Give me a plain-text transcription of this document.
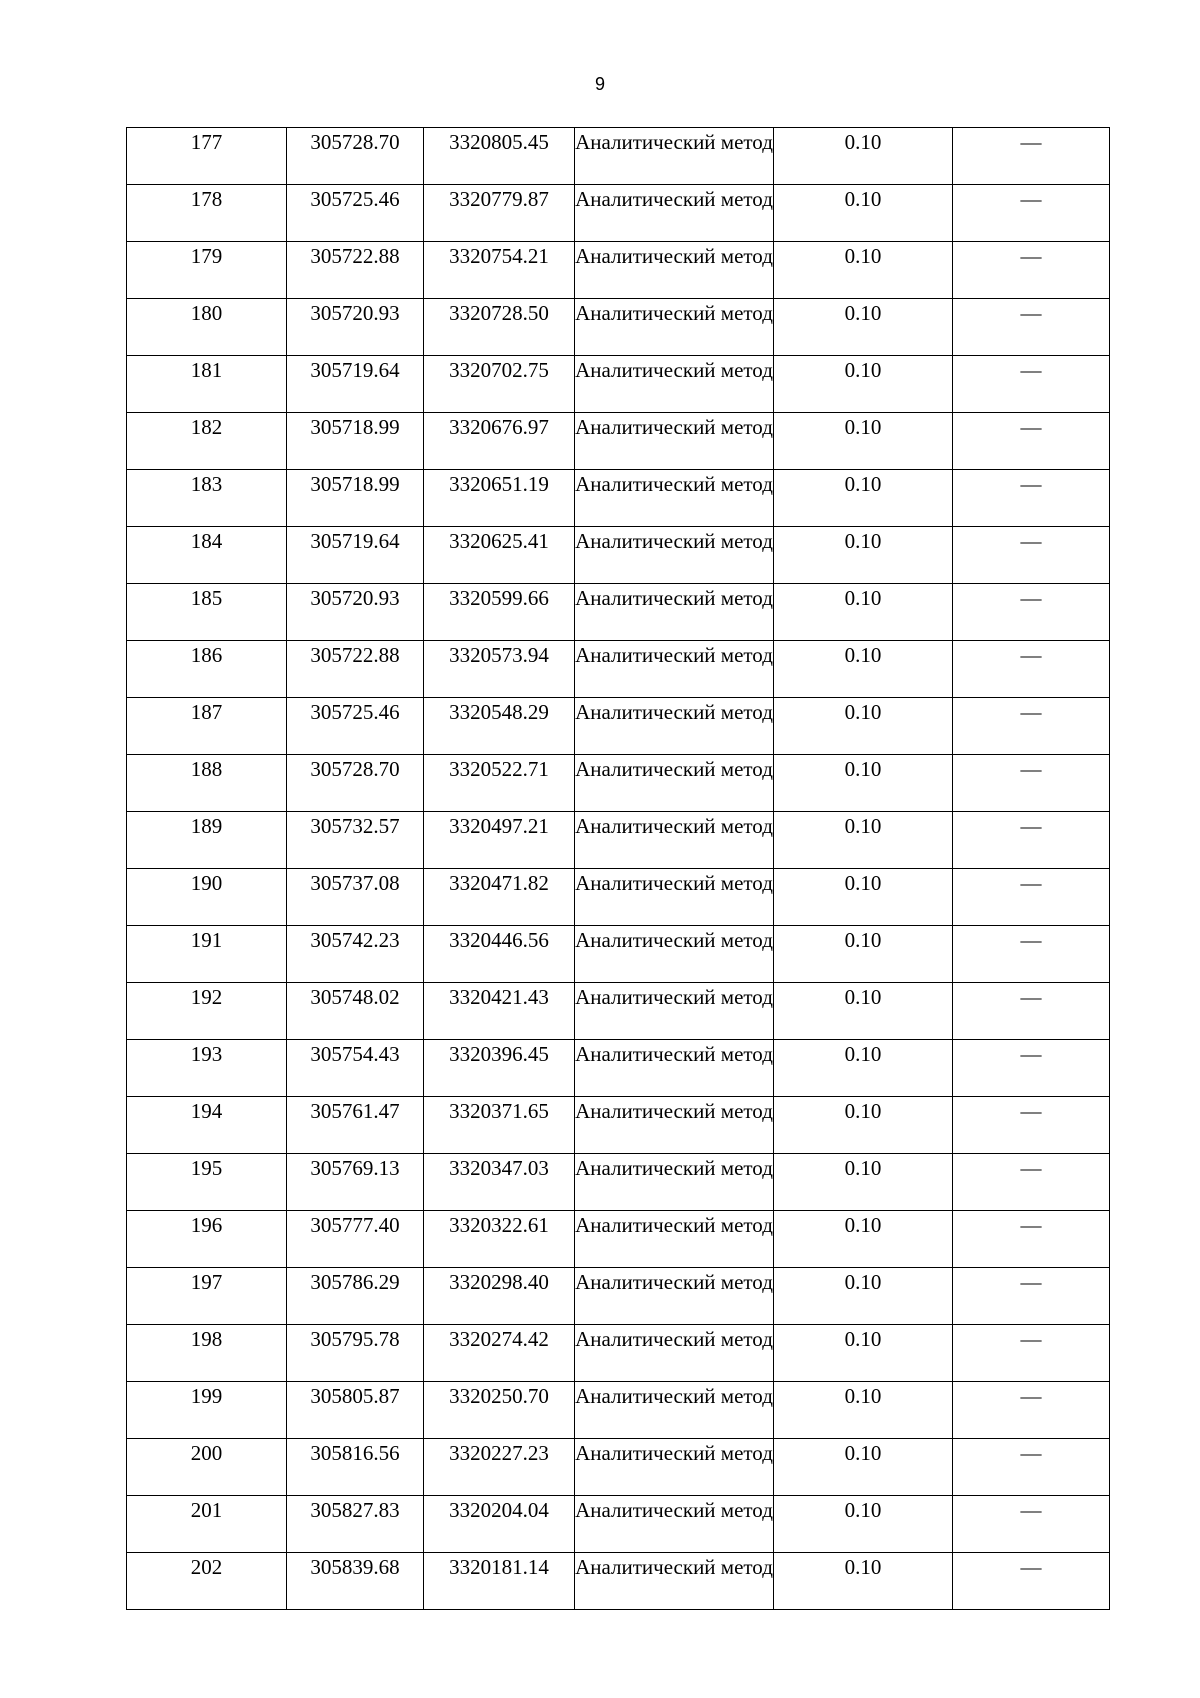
9
177	305728.70	3320805.45	Аналитический метод	0.10	—
178	305725.46	3320779.87	Аналитический метод	0.10	—
179	305722.88	3320754.21	Аналитический метод	0.10	—
180	305720.93	3320728.50	Аналитический метод	0.10	—
181	305719.64	3320702.75	Аналитический метод	0.10	—
182	305718.99	3320676.97	Аналитический метод	0.10	—
183	305718.99	3320651.19	Аналитический метод	0.10	—
184	305719.64	3320625.41	Аналитический метод	0.10	—
185	305720.93	3320599.66	Аналитический метод	0.10	—
186	305722.88	3320573.94	Аналитический метод	0.10	—
187	305725.46	3320548.29	Аналитический метод	0.10	—
188	305728.70	3320522.71	Аналитический метод	0.10	—
189	305732.57	3320497.21	Аналитический метод	0.10	—
190	305737.08	3320471.82	Аналитический метод	0.10	—
191	305742.23	3320446.56	Аналитический метод	0.10	—
192	305748.02	3320421.43	Аналитический метод	0.10	—
193	305754.43	3320396.45	Аналитический метод	0.10	—
194	305761.47	3320371.65	Аналитический метод	0.10	—
195	305769.13	3320347.03	Аналитический метод	0.10	—
196	305777.40	3320322.61	Аналитический метод	0.10	—
197	305786.29	3320298.40	Аналитический метод	0.10	—
198	305795.78	3320274.42	Аналитический метод	0.10	—
199	305805.87	3320250.70	Аналитический метод	0.10	—
200	305816.56	3320227.23	Аналитический метод	0.10	—
201	305827.83	3320204.04	Аналитический метод	0.10	—
202	305839.68	3320181.14	Аналитический метод	0.10	—
